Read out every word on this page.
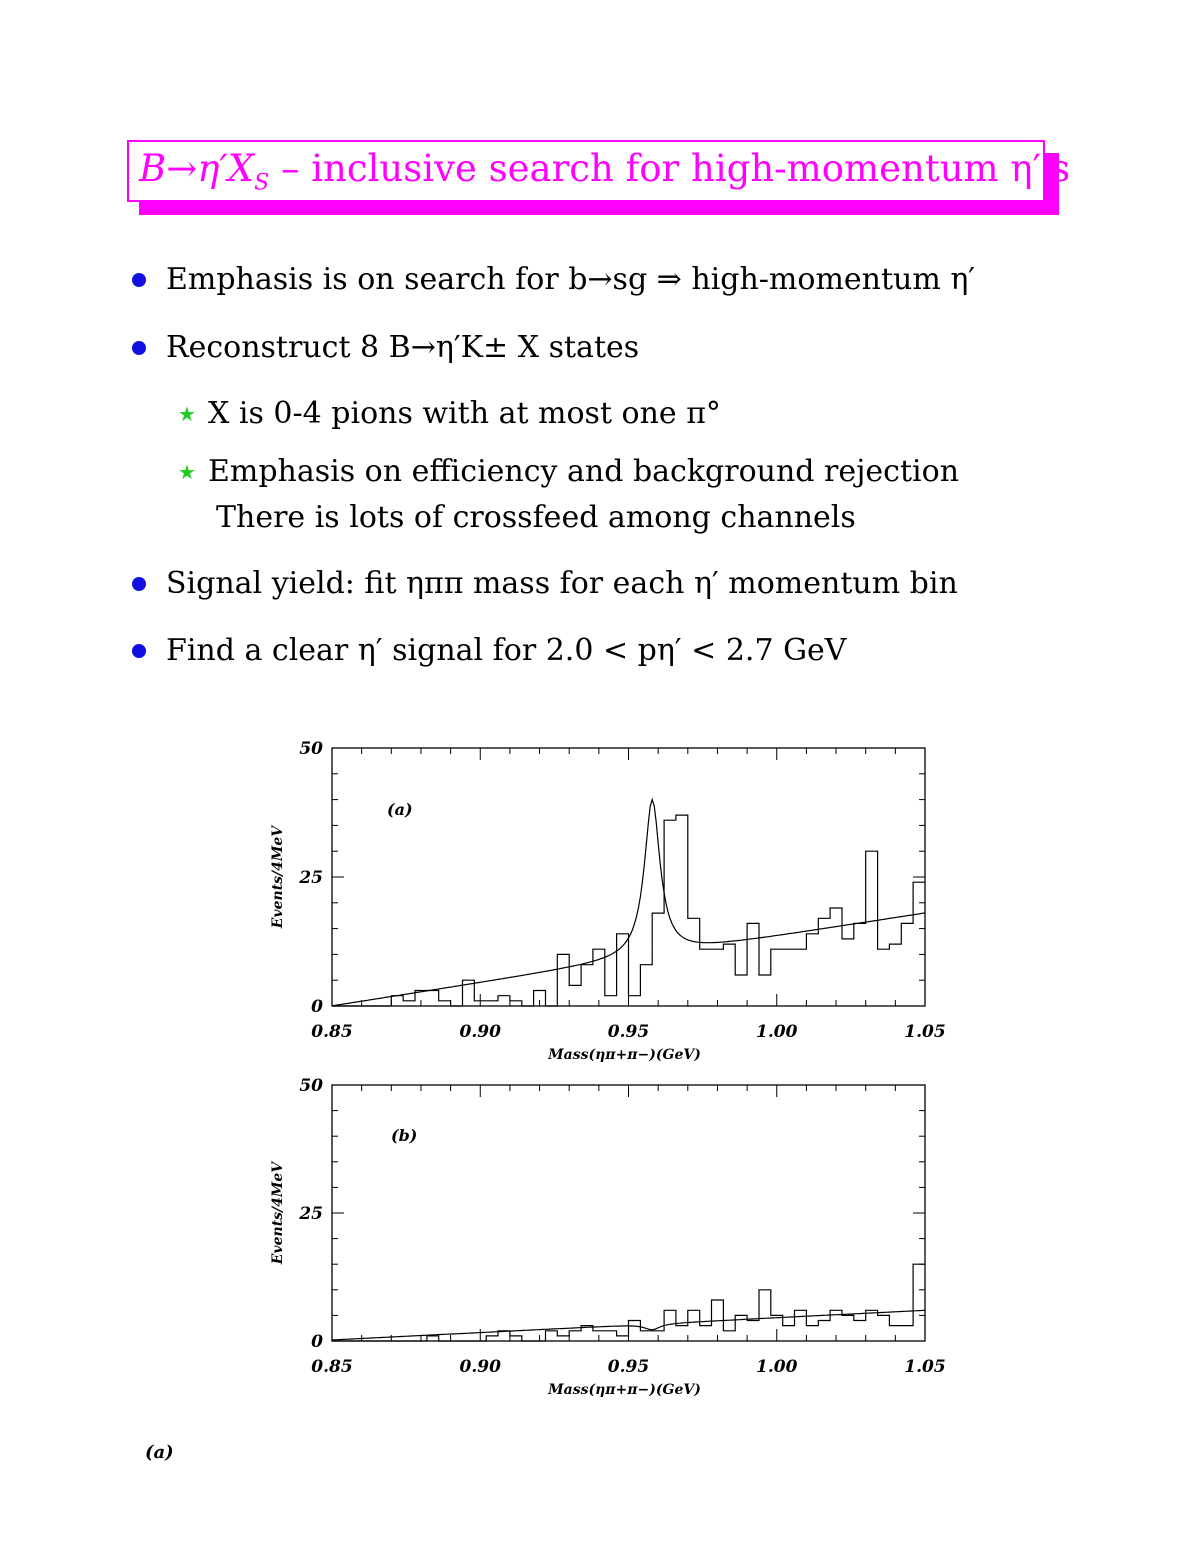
$B\to\eta'X_S$ – inclusive search for high-momentum η′'s
Emphasis is on search for b→sg ⇒ high-momentum η′
Reconstruct 8 B→η′K± X states
★ X is 0-4 pions with at most one π°
★ Emphasis on efficiency and background rejection
There is lots of crossfeed among channels
Signal yield: fit ηππ mass for each η′ momentum bin
Find a clear η′ signal for 2.0 < pη′ < 2.7 GeV
0.85	0.90	0.95	1.00	1.05
0
25
50
Mass(ηπ+π−)(GeV)
Events/4MeV
(a)
0.85	0.90	0.95	1.00	1.05
0
25
50
Mass(ηπ+π−)(GeV)
Events/4MeV
(b)
(a)
